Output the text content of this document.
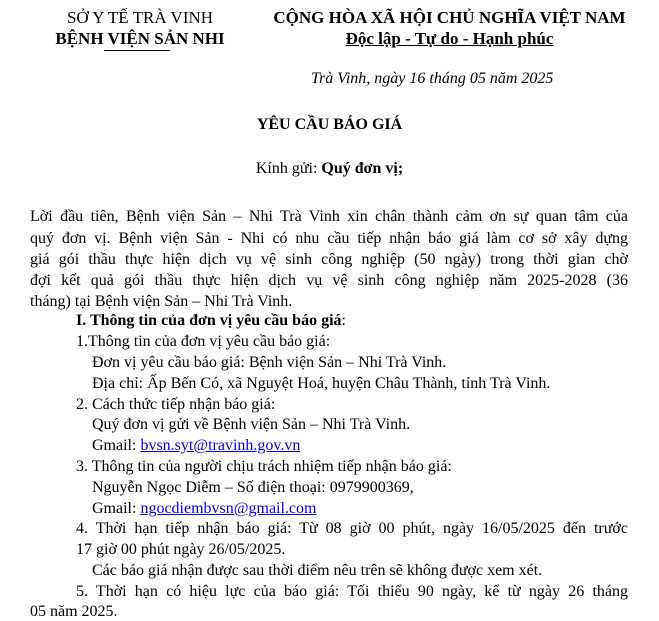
SỞ Y TẾ TRÀ VINH
BỆNH VIỆN SẢN NHI
CỘNG HÒA XÃ HỘI CHỦ NGHĨA VIỆT NAM
Độc lập - Tự do - Hạnh phúc
Trà Vinh, ngày 16 tháng 05 năm 2025
YÊU CẦU BÁO GIÁ
Kính gửi: Quý đơn vị;
Lời đầu tiên, Bệnh viện Sản – Nhi Trà Vinh xin chân thành cảm ơn sự quan tâm của
quý đơn vị. Bệnh viện Sản - Nhi có nhu cầu tiếp nhận báo giá làm cơ sở xây dựng
giá gói thầu thực hiện dịch vụ vệ sinh công nghiệp (50 ngày) trong thời gian chờ
đợi kết quả gói thầu thực hiện dịch vụ vệ sinh công nghiệp năm 2025-2028 (36
tháng) tại Bệnh viện Sản – Nhi Trà Vinh.
I. Thông tin của đơn vị yêu cầu báo giá:
1.Thông tin của đơn vị yêu cầu báo giá:
Đơn vị yêu cầu báo giá: Bệnh viện Sản – Nhi Trà Vinh.
Địa chỉ: Ấp Bến Có, xã Nguyệt Hoá, huyện Châu Thành, tỉnh Trà Vinh.
2. Cách thức tiếp nhận báo giá:
Quý đơn vị gửi về Bệnh viện Sản – Nhi Trà Vinh.
Gmail: bvsn.syt@travinh.gov.vn
3. Thông tin của người chịu trách nhiệm tiếp nhận báo giá:
Nguyễn Ngọc Diễm – Số điện thoại: 0979900369,
Gmail: ngocdiembvsn@gmail.com
4. Thời hạn tiếp nhận báo giá: Từ 08 giờ 00 phút, ngày 16/05/2025 đến trước
17 giờ 00 phút ngày 26/05/2025.
Các báo giá nhận được sau thời điểm nêu trên sẽ không được xem xét.
5. Thời hạn có hiệu lực của báo giá: Tối thiểu 90 ngày, kể từ ngày 26 tháng
05 năm 2025.
